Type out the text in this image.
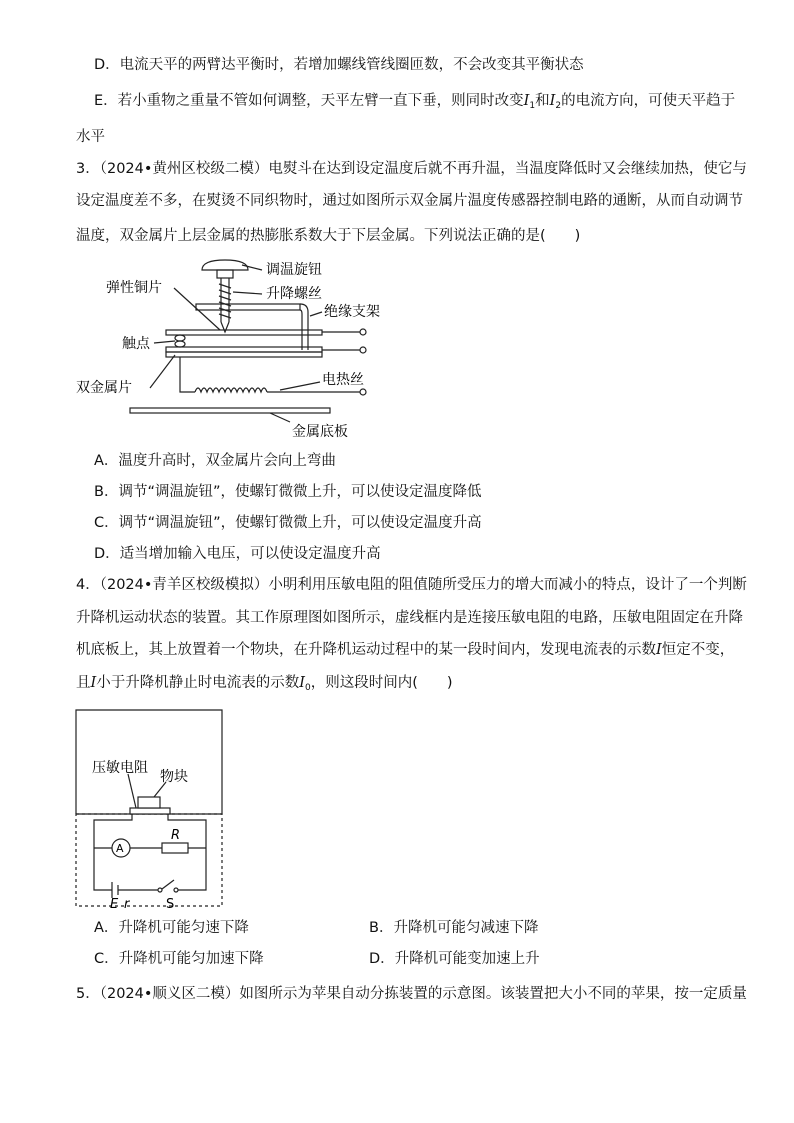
D．电流天平的两臂达平衡时，若增加螺线管线圈匝数，不会改变其平衡状态
E．若小重物之重量不管如何调整，天平左臂一直下垂，则同时改变$I_1$和$I_2$的电流方向，可使天平趋于
水平
3．（2024•黄州区校级二模）电熨斗在达到设定温度后就不再升温，当温度降低时又会继续加热，使它与
设定温度差不多，在熨烫不同织物时，通过如图所示双金属片温度传感器控制电路的通断，从而自动调节
温度，双金属片上层金属的热膨胀系数大于下层金属。下列说法正确的是(　　)
调温旋钮
升降螺丝
弹性铜片
绝缘支架
触点
双金属片	电热丝
金属底板
A．温度升高时，双金属片会向上弯曲
B．调节“调温旋钮”，使螺钉微微上升，可以使设定温度降低
C．调节“调温旋钮”，使螺钉微微上升，可以使设定温度升高
D．适当增加输入电压，可以使设定温度升高
4．（2024•青羊区校级模拟）小明利用压敏电阻的阻值随所受压力的增大而减小的特点，设计了一个判断
升降机运动状态的装置。其工作原理图如图所示，虚线框内是连接压敏电阻的电路，压敏电阻固定在升降
机底板上，其上放置着一个物块，在升降机运动过程中的某一段时间内，发现电流表的示数I恒定不变，
且I小于升降机静止时电流表的示数$I_0$，则这段时间内(　　)
压敏电阻
物块
A
R
E r	S
A．升降机可能匀速下降	B．升降机可能匀减速下降
C．升降机可能匀加速下降	D．升降机可能变加速上升
5．（2024•顺义区二模）如图所示为苹果自动分拣装置的示意图。该装置把大小不同的苹果，按一定质量
